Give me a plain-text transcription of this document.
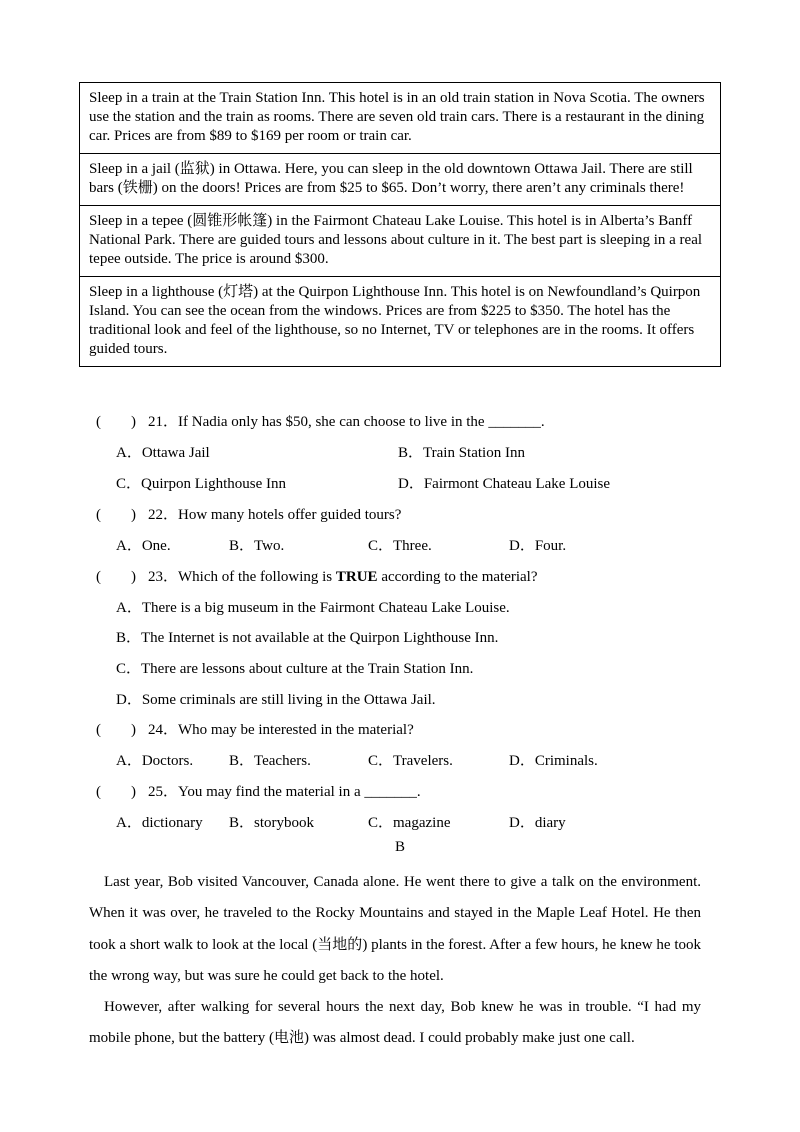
Sleep in a train at the Train Station Inn. This hotel is in an old train station in Nova Scotia. The owners use the station and the train as rooms. There are seven old train cars. There is a restaurant in the dining car. Prices are from $89 to $169 per room or train car.
Sleep in a jail (监狱) in Ottawa. Here, you can sleep in the old downtown Ottawa Jail. There are still bars (铁栅) on the doors! Prices are from $25 to $65. Don’t worry, there aren’t any criminals there!
Sleep in a tepee (圆锥形帐篷) in the Fairmont Chateau Lake Louise. This hotel is in Alberta’s Banff National Park. There are guided tours and lessons about culture in it. The best part is sleeping in a real tepee outside. The price is around $300.
Sleep in a lighthouse (灯塔) at the Quirpon Lighthouse Inn. This hotel is on Newfoundland’s Quirpon Island. You can see the ocean from the windows. Prices are from $225 to $350. The hotel has the traditional look and feel of the lighthouse, so no Internet, TV or telephones are in the rooms. It offers guided tours.
(　　) 21．If Nadia only has $50, she can choose to live in the _______.
A．Ottawa Jail	B．Train Station Inn
C．Quirpon Lighthouse Inn	D．Fairmont Chateau Lake Louise
(　　) 22．How many hotels offer guided tours?
A．One.	B．Two.	C．Three.	D．Four.
(　　) 23．Which of the following is TRUE according to the material?
A．There is a big museum in the Fairmont Chateau Lake Louise.
B．The Internet is not available at the Quirpon Lighthouse Inn.
C．There are lessons about culture at the Train Station Inn.
D．Some criminals are still living in the Ottawa Jail.
(　　) 24．Who may be interested in the material?
A．Doctors. B．Teachers.	C．Travelers.	D．Criminals.
(　　) 25．You may find the material in a _______.
A．dictionary B．storybook	C．magazine	D．diary
B

Last year, Bob visited Vancouver, Canada alone. He went there to give a talk on the environment. When it was over, he traveled to the Rocky Mountains and stayed in the Maple Leaf Hotel. He then took a short walk to look at the local (当地的) plants in the forest. After a few hours, he knew he took the wrong way, but was sure he could get back to the hotel.

However, after walking for several hours the next day, Bob knew he was in trouble. “I had my mobile phone, but the battery (电池) was almost dead. I could probably make just one call.
